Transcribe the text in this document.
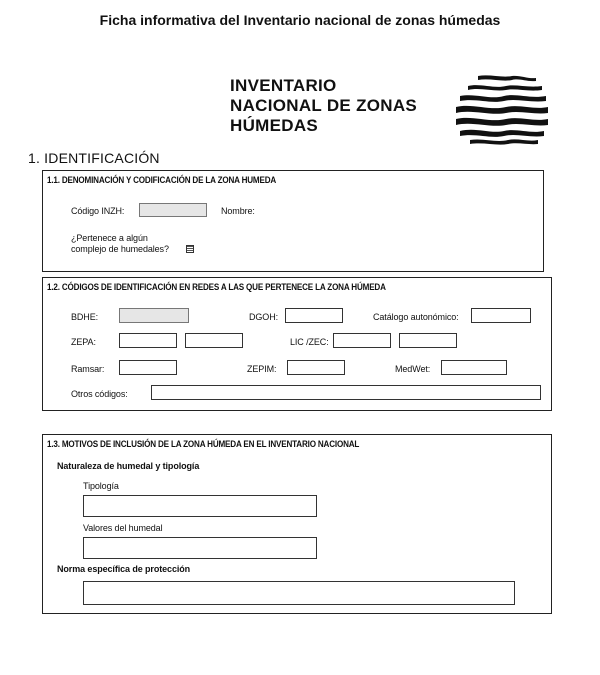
Ficha informativa del Inventario nacional de zonas húmedas
INVENTARIO
NACIONAL DE ZONAS
HÚMEDAS
1. IDENTIFICACIÓN
1.1. DENOMINACIÓN Y CODIFICACIÓN DE LA ZONA HUMEDA
Código INZH:	Nombre:
¿Pertenece a algún
complejo de humedales?
1.2. CÓDIGOS DE IDENTIFICACIÓN EN REDES A LAS QUE PERTENECE LA ZONA HÚMEDA
BDHE:	DGOH:	Catálogo autonómico:
ZEPA:	LIC /ZEC:
Ramsar:	ZEPIM:	MedWet:
Otros códigos:
1.3. MOTIVOS DE INCLUSIÓN DE LA ZONA HÚMEDA EN EL INVENTARIO NACIONAL
Naturaleza de humedal y tipología
Tipología
Valores del humedal
Norma específica de protección
